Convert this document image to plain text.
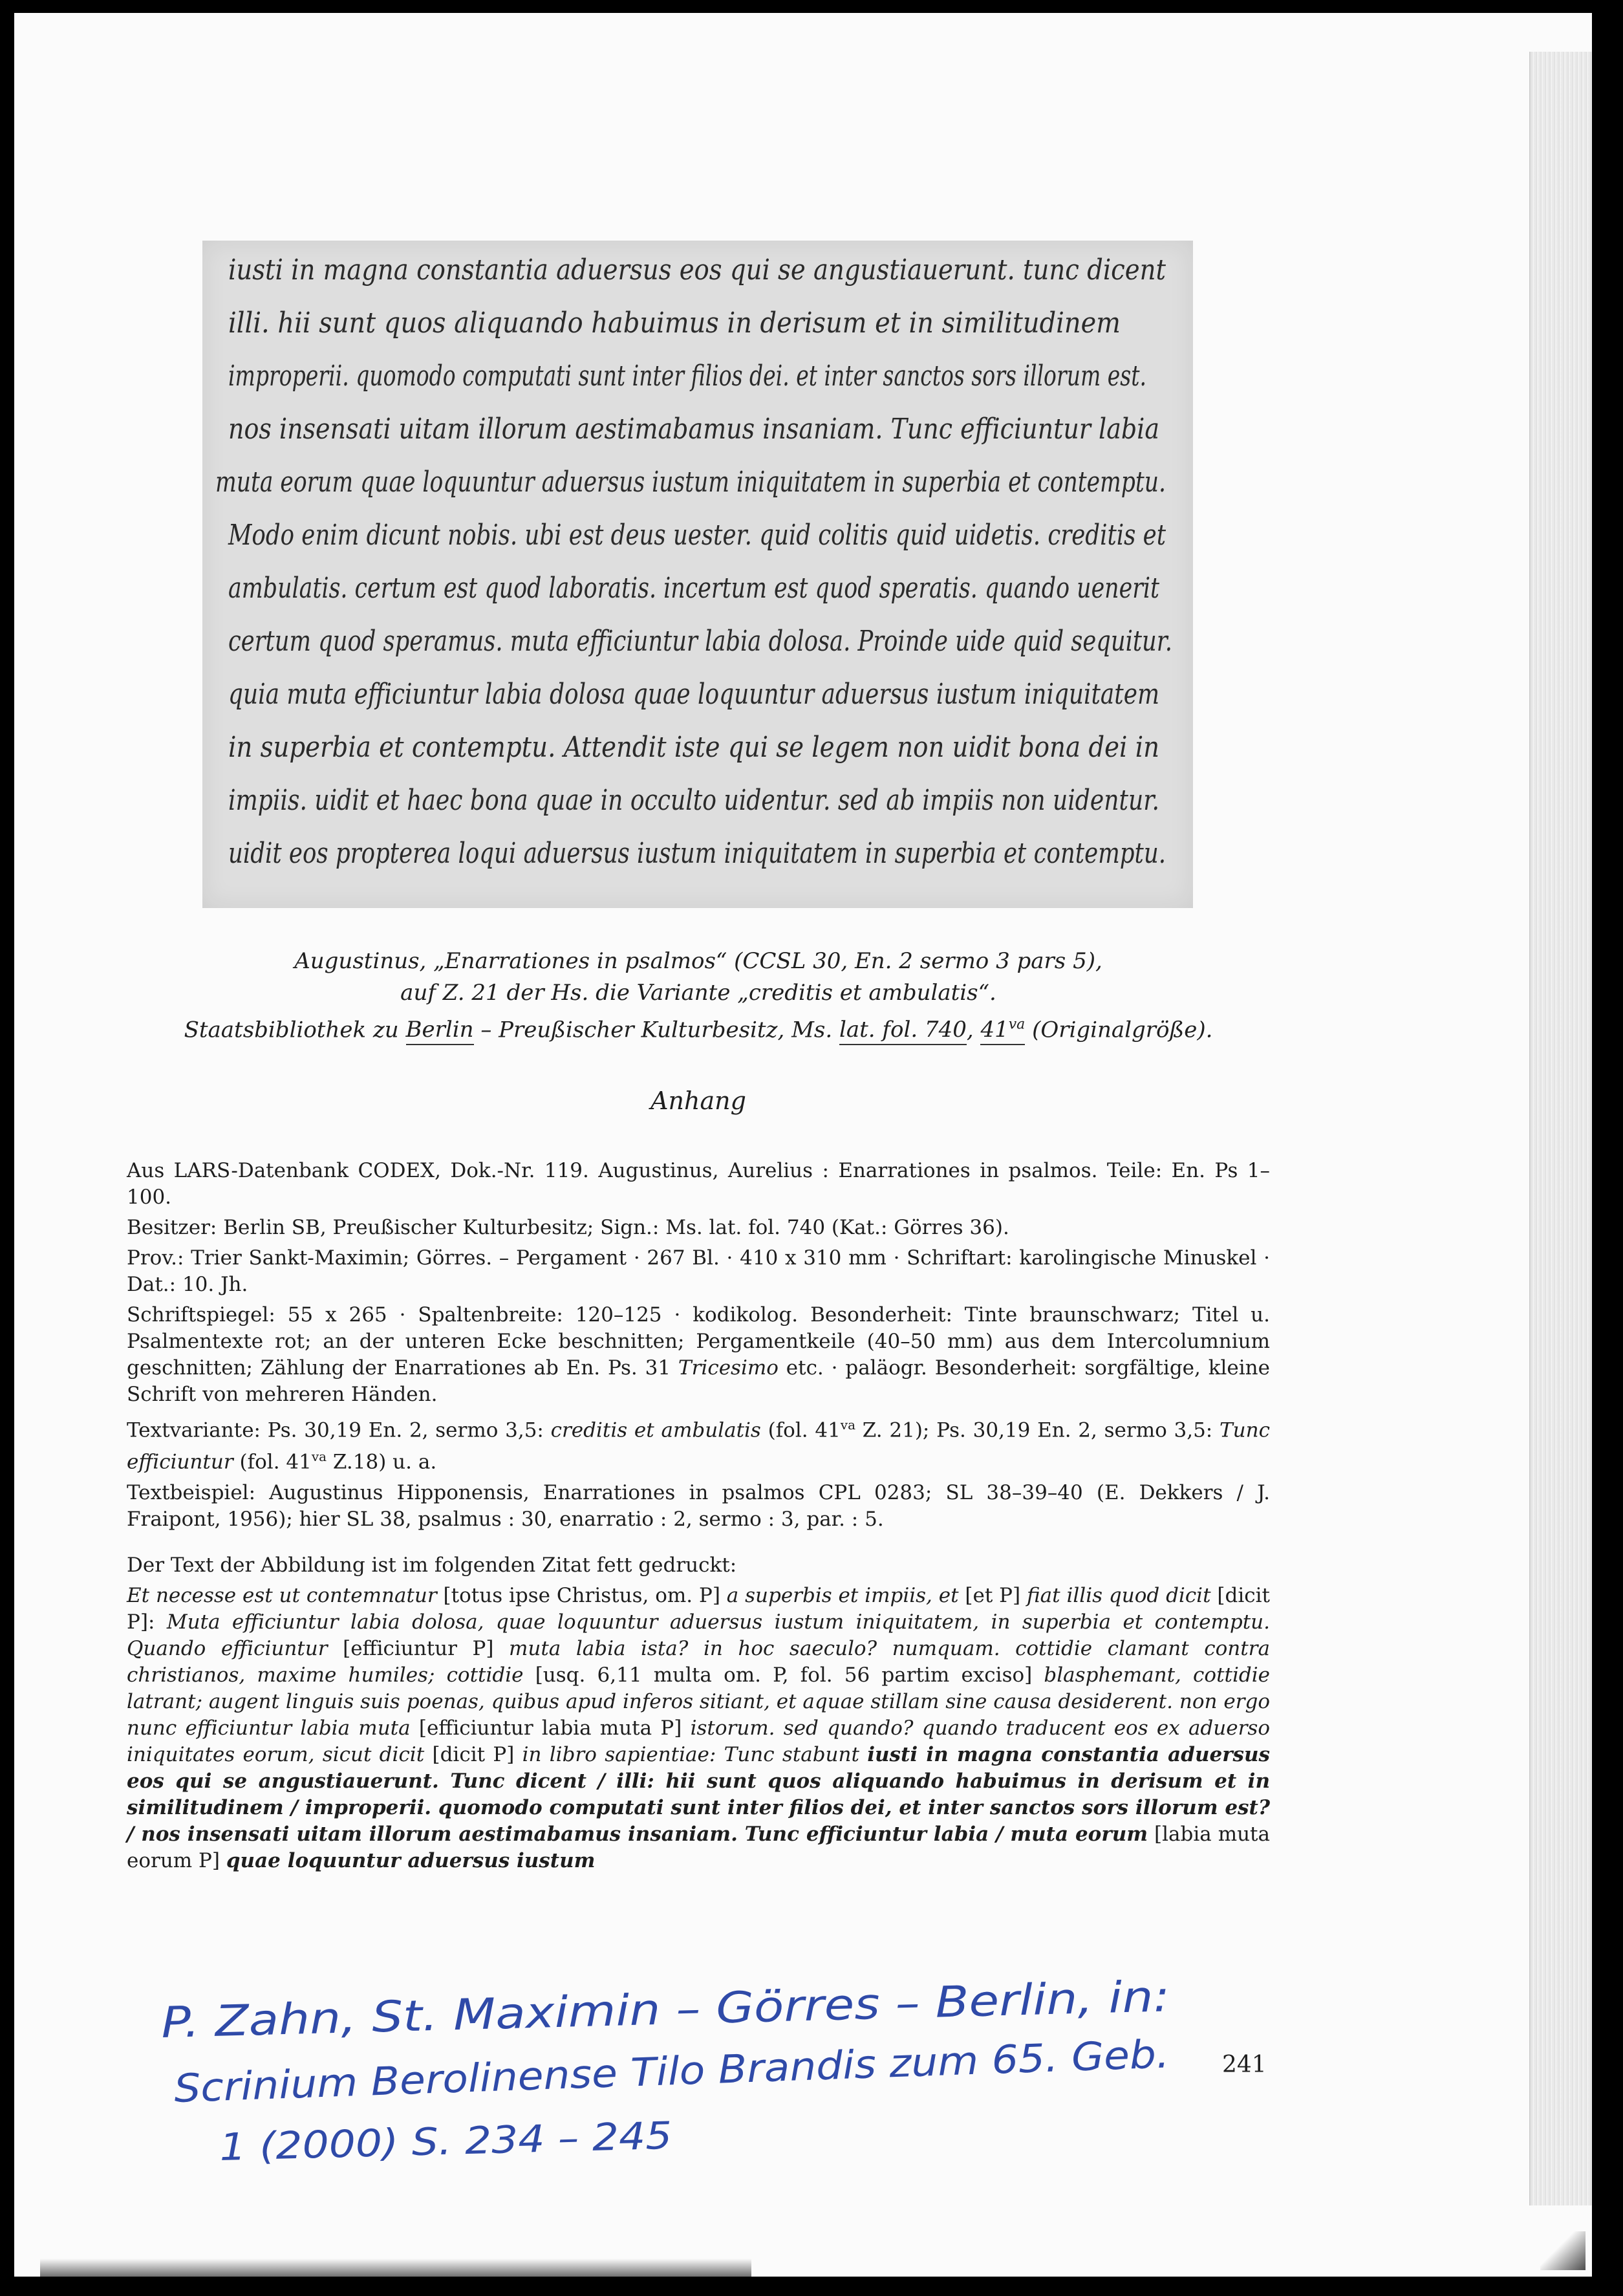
iusti in magna constantia aduersus eos qui se angustiauerunt. tunc dicent
illi. hii sunt quos aliquando habuimus in derisum et in similitudinem
improperii. quomodo computati sunt inter filios dei. et inter sanctos sors illorum est.
nos insensati uitam illorum aestimabamus insaniam. Tunc efficiuntur labia
muta eorum quae loquuntur aduersus iustum iniquitatem in superbia et contemptu.
Modo enim dicunt nobis. ubi est deus uester. quid colitis quid uidetis. creditis et
ambulatis. certum est quod laboratis. incertum est quod speratis. quando uenerit
certum quod speramus. muta efficiuntur labia dolosa. Proinde uide quid sequitur.
quia muta efficiuntur labia dolosa quae loquuntur aduersus iustum iniquitatem
in superbia et contemptu. Attendit iste qui se legem non uidit bona dei in
impiis. uidit et haec bona quae in occulto uidentur. sed ab impiis non uidentur.
uidit eos propterea loqui aduersus iustum iniquitatem in superbia et contemptu.
Augustinus, „Enarrationes in psalmos“ (CCSL 30, En. 2 sermo 3 pars 5),
auf Z. 21 der Hs. die Variante „creditis et ambulatis“.
Staatsbibliothek zu Berlin – Preußischer Kulturbesitz, Ms. lat. fol. 740, $41^{va}$ (Originalgröße).
Anhang

Aus LARS-Datenbank CODEX, Dok.-Nr. 119. Augustinus, Aurelius : Enarrationes in psalmos. Teile: En. Ps 1–100.

Besitzer: Berlin SB, Preußischer Kulturbesitz; Sign.: Ms. lat. fol. 740 (Kat.: Görres 36).

Prov.: Trier Sankt-Maximin; Görres. – Pergament · 267 Bl. · 410 x 310 mm · Schriftart: karolingische Minuskel · Dat.: 10. Jh.

Schriftspiegel: 55 x 265 · Spaltenbreite: 120–125 · kodikolog. Besonderheit: Tinte braunschwarz; Titel u. Psalmentexte rot; an der unteren Ecke beschnitten; Pergamentkeile (40–50 mm) aus dem Intercolumnium geschnitten; Zählung der Enarrationes ab En. Ps. 31 Tricesimo etc. · paläogr. Besonderheit: sorgfältige, kleine Schrift von mehreren Händen.

Textvariante: Ps. 30,19 En. 2, sermo 3,5: creditis et ambulatis (fol. $41^{va}$ Z. 21); Ps. 30,19 En. 2, sermo 3,5: Tunc efficiuntur (fol. $41^{va}$ Z.18) u. a.

Textbeispiel: Augustinus Hipponensis, Enarrationes in psalmos CPL 0283; SL 38–39–40 (E. Dekkers / J. Fraipont, 1956); hier SL 38, psalmus : 30, enarratio : 2, sermo : 3, par. : 5.

Der Text der Abbildung ist im folgenden Zitat fett gedruckt:

Et necesse est ut contemnatur [totus ipse Christus, om. P] a superbis et impiis, et [et P] fiat illis quod dicit [dicit P]: Muta efficiuntur labia dolosa, quae loquuntur aduersus iustum iniquitatem, in superbia et contemptu. Quando efficiuntur [efficiuntur P] muta labia ista? in hoc saeculo? numquam. cottidie clamant contra christianos, maxime humiles; cottidie [usq. 6,11 multa om. P, fol. 56 partim exciso] blasphemant, cottidie latrant; augent linguis suis poenas, quibus apud inferos sitiant, et aquae stillam sine causa desiderent. non ergo nunc efficiuntur labia muta [efficiuntur labia muta P] istorum. sed quando? quando traducent eos ex aduerso iniquitates eorum, sicut dicit [dicit P] in libro sapientiae: Tunc stabunt iusti in magna constantia aduersus eos qui se angustiauerunt. Tunc dicent / illi: hii sunt quos aliquando habuimus in derisum et in similitudinem / improperii. quomodo computati sunt inter filios dei, et inter sanctos sors illorum est? / nos insensati uitam illorum aestimabamus insaniam. Tunc efficiuntur labia / muta eorum [labia muta eorum P] quae loquuntur aduersus iustum

241
P. Zahn, St. Maximin – Görres – Berlin, in:
Scrinium Berolinense Tilo Brandis zum 65. Geb.
1 (2000) S. 234 – 245
